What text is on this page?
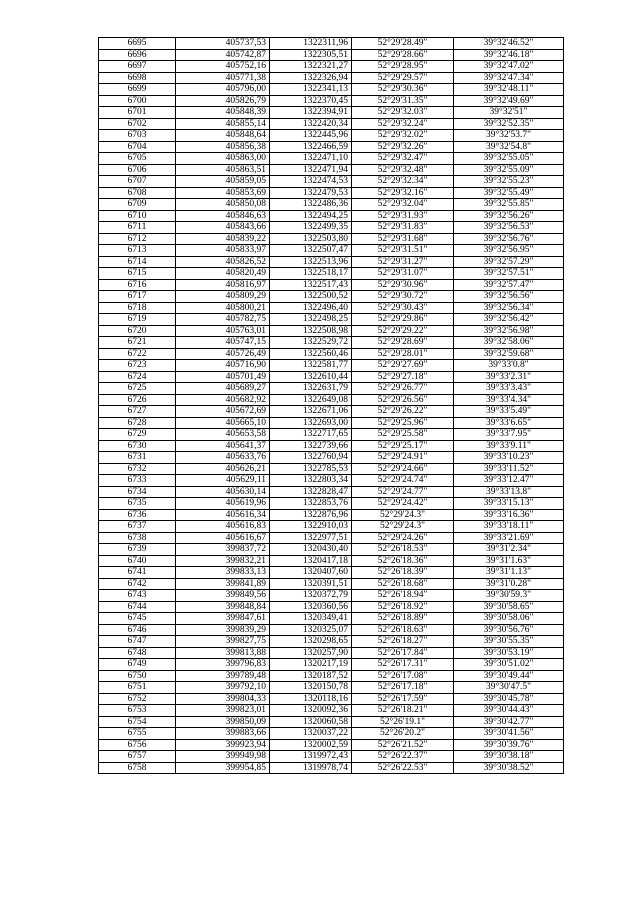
6695	405737,53	1322311,96	52°29'28.49"	39°32'46.52"
6696	405742,87	1322305,51	52°29'28.66"	39°32'46.18"
6697	405752,16	1322321,27	52°29'28.95"	39°32'47.02"
6698	405771,38	1322326,94	52°29'29.57"	39°32'47.34"
6699	405796,00	1322341,13	52°29'30.36"	39°32'48.11"
6700	405826,79	1322370,45	52°29'31.35"	39°32'49.69"
6701	405848,39	1322394,91	52°29'32.03"	39°32'51"
6702	405855,14	1322420,34	52°29'32.24"	39°32'52.35"
6703	405848,64	1322445,96	52°29'32.02"	39°32'53.7"
6704	405856,38	1322466,59	52°29'32.26"	39°32'54.8"
6705	405863,00	1322471,10	52°29'32.47"	39°32'55.05"
6706	405863,51	1322471,94	52°29'32.48"	39°32'55.09"
6707	405859,05	1322474,53	52°29'32.34"	39°32'55.23"
6708	405853,69	1322479,53	52°29'32.16"	39°32'55.49"
6709	405850,08	1322486,36	52°29'32.04"	39°32'55.85"
6710	405846,63	1322494,25	52°29'31.93"	39°32'56.26"
6711	405843,66	1322499,35	52°29'31.83"	39°32'56.53"
6712	405839,22	1322503,80	52°29'31.68"	39°32'56.76"
6713	405833,97	1322507,47	52°29'31.51"	39°32'56.95"
6714	405826,52	1322513,96	52°29'31.27"	39°32'57.29"
6715	405820,49	1322518,17	52°29'31.07"	39°32'57.51"
6716	405816,97	1322517,43	52°29'30.96"	39°32'57.47"
6717	405809,29	1322500,52	52°29'30.72"	39°32'56.56"
6718	405800,21	1322496,40	52°29'30.43"	39°32'56.34"
6719	405782,75	1322498,25	52°29'29.86"	39°32'56.42"
6720	405763,01	1322508,98	52°29'29.22"	39°32'56.98"
6721	405747,15	1322529,72	52°29'28.69"	39°32'58.06"
6722	405726,49	1322560,46	52°29'28.01"	39°32'59.68"
6723	405716,90	1322581,77	52°29'27.69"	39°33'0.8"
6724	405701,49	1322610,44	52°29'27.18"	39°33'2.31"
6725	405689,27	1322631,79	52°29'26.77"	39°33'3.43"
6726	405682,92	1322649,08	52°29'26.56"	39°33'4.34"
6727	405672,69	1322671,06	52°29'26.22"	39°33'5.49"
6728	405665,10	1322693,00	52°29'25.96"	39°33'6.65"
6729	405653,58	1322717,65	52°29'25.58"	39°33'7.95"
6730	405641,37	1322739,66	52°29'25.17"	39°33'9.11"
6731	405633,76	1322760,94	52°29'24.91"	39°33'10.23"
6732	405626,21	1322785,53	52°29'24.66"	39°33'11.52"
6733	405629,11	1322803,34	52°29'24.74"	39°33'12.47"
6734	405630,14	1322828,47	52°29'24.77"	39°33'13.8"
6735	405619,96	1322853,76	52°29'24.42"	39°33'15.13"
6736	405616,34	1322876,96	52°29'24.3"	39°33'16.36"
6737	405616,83	1322910,03	52°29'24.3"	39°33'18.11"
6738	405616,67	1322977,51	52°29'24.26"	39°33'21.69"
6739	399837,72	1320430,40	52°26'18.53"	39°31'2.34"
6740	399832,21	1320417,18	52°26'18.36"	39°31'1.63"
6741	399833,13	1320407,60	52°26'18.39"	39°31'1.13"
6742	399841,89	1320391,51	52°26'18.68"	39°31'0.28"
6743	399849,56	1320372,79	52°26'18.94"	39°30'59.3"
6744	399848,84	1320360,56	52°26'18.92"	39°30'58.65"
6745	399847,61	1320349,41	52°26'18.89"	39°30'58.06"
6746	399839,29	1320325,07	52°26'18.63"	39°30'56.76"
6747	399827,75	1320298,65	52°26'18.27"	39°30'55.35"
6748	399813,88	1320257,90	52°26'17.84"	39°30'53.19"
6749	399796,83	1320217,19	52°26'17.31"	39°30'51.02"
6750	399789,48	1320187,52	52°26'17.08"	39°30'49.44"
6751	399792,10	1320150,78	52°26'17.18"	39°30'47.5"
6752	399804,33	1320118,16	52°26'17.59"	39°30'45.78"
6753	399823,01	1320092,36	52°26'18.21"	39°30'44.43"
6754	399850,09	1320060,58	52°26'19.1"	39°30'42.77"
6755	399883,66	1320037,22	52°26'20.2"	39°30'41.56"
6756	399923,94	1320002,59	52°26'21.52"	39°30'39.76"
6757	399949,98	1319972,43	52°26'22.37"	39°30'38.18"
6758	399954,85	1319978,74	52°26'22.53"	39°30'38.52"
